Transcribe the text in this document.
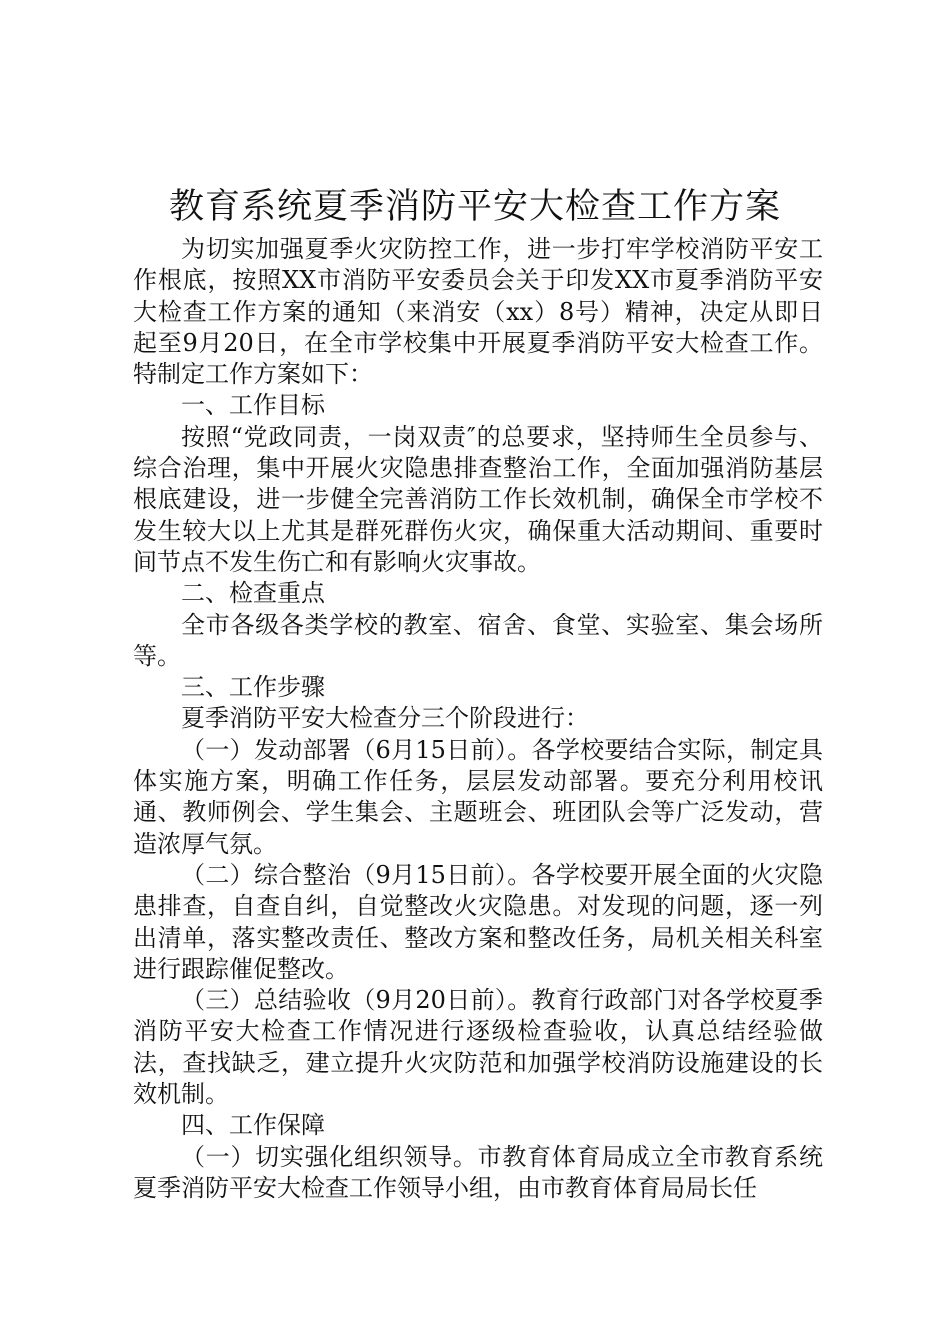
教育系统夏季消防平安大检查工作方案

为切实加强夏季火灾防控工作，进一步打牢学校消防平安工作根底，按照XX市消防平安委员会关于印发XX市夏季消防平安大检查工作方案的通知（来消安（xx）8号）精神，决定从即日起至9月20日，在全市学校集中开展夏季消防平安大检查工作。特制定工作方案如下：

一、工作目标

按照“党政同责，一岗双责″的总要求，坚持师生全员参与、综合治理，集中开展火灾隐患排查整治工作，全面加强消防基层根底建设，进一步健全完善消防工作长效机制，确保全市学校不发生较大以上尤其是群死群伤火灾，确保重大活动期间、重要时间节点不发生伤亡和有影响火灾事故。

二、检查重点

全市各级各类学校的教室、宿舍、食堂、实验室、集会场所等。

三、工作步骤

夏季消防平安大检查分三个阶段进行：

（一）发动部署（6月15日前）。各学校要结合实际，制定具体实施方案，明确工作任务，层层发动部署。要充分利用校讯通、教师例会、学生集会、主题班会、班团队会等广泛发动，营造浓厚气氛。

（二）综合整治（9月15日前）。各学校要开展全面的火灾隐患排查，自查自纠，自觉整改火灾隐患。对发现的问题，逐一列出清单，落实整改责任、整改方案和整改任务，局机关相关科室进行跟踪催促整改。

（三）总结验收（9月20日前）。教育行政部门对各学校夏季消防平安大检查工作情况进行逐级检查验收，认真总结经验做法，查找缺乏，建立提升火灾防范和加强学校消防设施建设的长效机制。

四、工作保障

（一）切实强化组织领导。市教育体育局成立全市教育系统夏季消防平安大检查工作领导小组，由市教育体育局局长任
